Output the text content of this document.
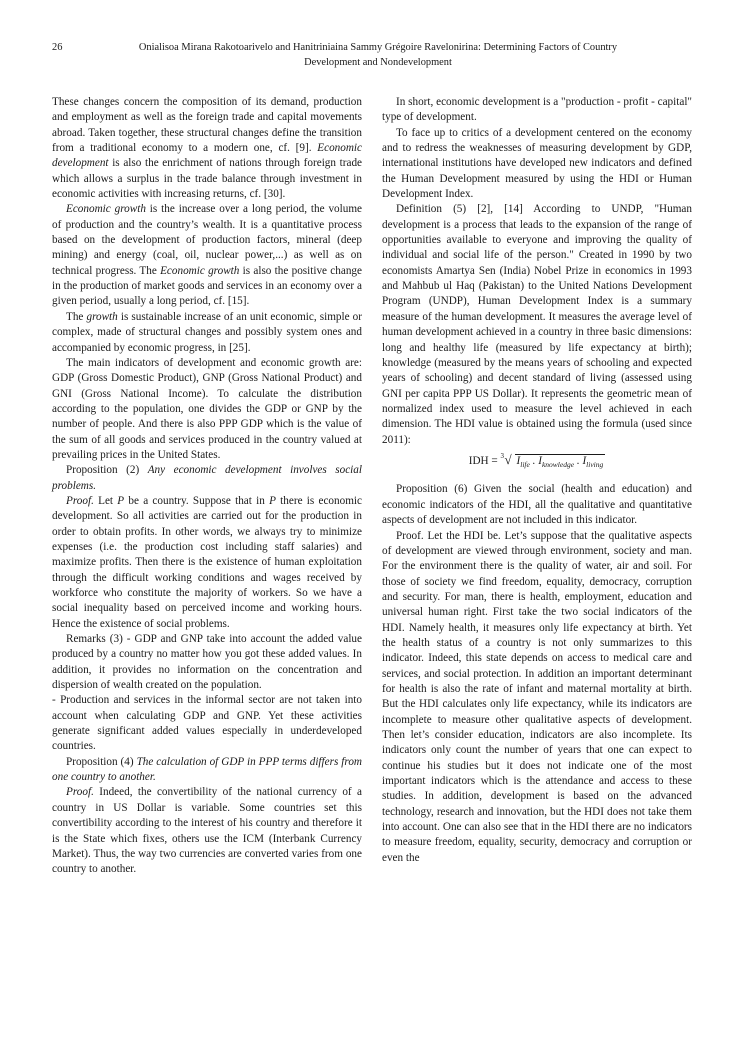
26	Onialisoa Mirana Rakotoarivelo and Hanitriniaina Sammy Grégoire Ravelonirina: Determining Factors of Country
Development and Nondevelopment

These changes concern the composition of its demand, production and employment as well as the foreign trade and capital movements abroad. Taken together, these structural changes define the transition from a traditional economy to a modern one, cf. [9]. Economic development is also the enrichment of nations through foreign trade which allows a surplus in the trade balance through investment in economic activities with increasing returns, cf. [30].

Economic growth is the increase over a long period, the volume of production and the country’s wealth. It is a quantitative process based on the development of production factors, mineral (deep mining) and energy (coal, oil, nuclear power,...) as well as on technical progress. The Economic growth is also the positive change in the production of market goods and services in an economy over a given period, usually a long period, cf. [15].

The growth is sustainable increase of an unit economic, simple or complex, made of structural changes and possibly system ones and accompanied by economic progress, in [25].

The main indicators of development and economic growth are: GDP (Gross Domestic Product), GNP (Gross National Product) and GNI (Gross National Income). To calculate the distribution according to the population, one divides the GDP or GNP by the number of people. And there is also PPP GDP which is the value of the sum of all goods and services produced in the country valued at prevailing prices in the United States.

Proposition (2) Any economic development involves social problems.

Proof. Let P be a country. Suppose that in P there is economic development. So all activities are carried out for the production in order to obtain profits. In other words, we always try to minimize expenses (i.e. the production cost including staff salaries) and maximize profits. Then there is the existence of human exploitation through the difficult working conditions and wages received by workforce who constitute the majority of workers. So we have a social inequality based on perceived income and working hours. Hence the existence of social problems.

Remarks (3) - GDP and GNP take into account the added value produced by a country no matter how you got these added values. In addition, it provides no information on the concentration and dispersion of wealth created on the population.

- Production and services in the informal sector are not taken into account when calculating GDP and GNP. Yet these activities generate significant added values especially in underdeveloped countries.

Proposition (4) The calculation of GDP in PPP terms differs from one country to another.

Proof. Indeed, the convertibility of the national currency of a country in US Dollar is variable. Some countries set this convertibility according to the interest of his country and therefore it is the State which fixes, others use the ICM (Interbank Currency Market). Thus, the way two currencies are converted varies from one country to another.

In short, economic development is a "production - profit - capital" type of development.

To face up to critics of a development centered on the economy and to redress the weaknesses of measuring development by GDP, international institutions have developed new indicators and defined the Human Development measured by using the HDI or Human Development Index.

Definition (5) [2], [14] According to UNDP, "Human development is a process that leads to the expansion of the range of opportunities available to everyone and improving the quality of individual and social life of the person." Created in 1990 by two economists Amartya Sen (India) Nobel Prize in economics in 1993 and Mahbub ul Haq (Pakistan) to the United Nations Development Program (UNDP), Human Development Index is a summary measure of the human development. It measures the average level of human development achieved in a country in three basic dimensions: long and healthy life (measured by life expectancy at birth); knowledge (measured by the means years of schooling and expected years of schooling) and decent standard of living (assessed using GNI per capita PPP US Dollar). It represents the geometric mean of normalized index used to measure the level achieved in each dimension. The HDI value is obtained using the formula (used since 2011):

IDH = 3 √ $I_{life}$ . $I_{knowledge}$ . $I_{living}$

Proposition (6) Given the social (health and education) and economic indicators of the HDI, all the qualitative and quantitative aspects of development are not included in this indicator.

Proof. Let the HDI be. Let’s suppose that the qualitative aspects of development are viewed through environment, society and man. For the environment there is the quality of water, air and soil. For those of society we find freedom, equality, democracy, corruption and security. For man, there is health, employment, education and universal human right. First take the two social indicators of the HDI. Namely health, it measures only life expectancy at birth. Yet the health status of a country is not only summarizes to this indicator. Indeed, this state depends on access to medical care and services, and social protection. In addition an important determinant for health is also the rate of infant and maternal mortality at birth. But the HDI calculates only life expectancy, while its indicators are incomplete to measure other qualitative aspects of development. Then let’s consider education, indicators are also incomplete. Its indicators only count the number of years that one can expect to continue his studies but it does not indicate one of the most important indicators which is the attendance and access to these studies. In addition, development is based on the advanced technology, research and innovation, but the HDI does not take them into account. One can also see that in the HDI there are no indicators to measure freedom, equality, security, democracy and corruption or even the
